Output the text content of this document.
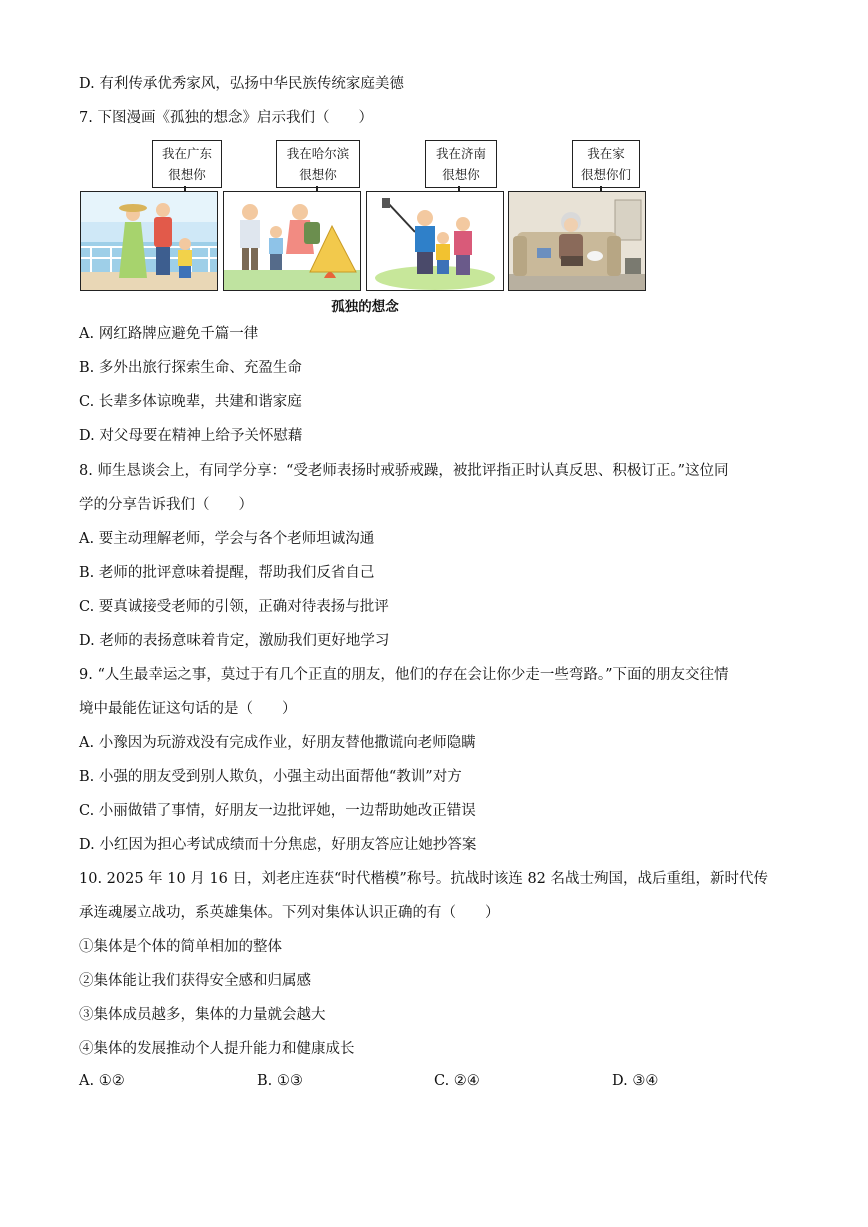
D. 有利传承优秀家风，弘扬中华民族传统家庭美德
7. 下图漫画《孤独的想念》启示我们（　　）
我在广东
很想你
我在哈尔滨
很想你
我在济南
很想你
我在家
很想你们
孤独的想念
A. 网红路牌应避免千篇一律
B. 多外出旅行探索生命、充盈生命
C. 长辈多体谅晚辈，共建和谐家庭
D. 对父母要在精神上给予关怀慰藉
8. 师生恳谈会上，有同学分享：“受老师表扬时戒骄戒躁，被批评指正时认真反思、积极订正。”这位同
学的分享告诉我们（　　）
A. 要主动理解老师，学会与各个老师坦诚沟通
B. 老师的批评意味着提醒，帮助我们反省自己
C. 要真诚接受老师的引领，正确对待表扬与批评
D. 老师的表扬意味着肯定，激励我们更好地学习
9. “人生最幸运之事，莫过于有几个正直的朋友，他们的存在会让你少走一些弯路。”下面的朋友交往情
境中最能佐证这句话的是（　　）
A. 小豫因为玩游戏没有完成作业，好朋友替他撒谎向老师隐瞒
B. 小强的朋友受到别人欺负，小强主动出面帮他“教训”对方
C. 小丽做错了事情，好朋友一边批评她，一边帮助她改正错误
D. 小红因为担心考试成绩而十分焦虑，好朋友答应让她抄答案
10. 2025 年 10 月 16 日，刘老庄连获“时代楷模”称号。抗战时该连 82 名战士殉国，战后重组，新时代传
承连魂屡立战功，系英雄集体。下列对集体认识正确的有（　　）
①集体是个体的简单相加的整体
②集体能让我们获得安全感和归属感
③集体成员越多，集体的力量就会越大
④集体的发展推动个人提升能力和健康成长
A. ①②	B. ①③	C. ②④	D. ③④
